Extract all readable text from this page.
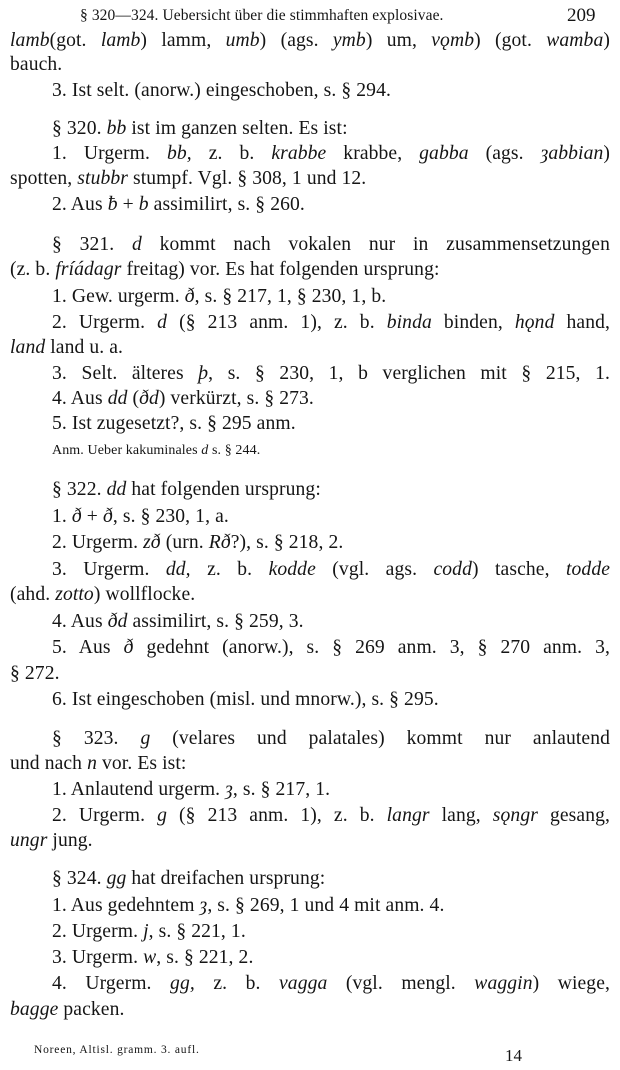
§ 320—324. Uebersicht über die stimmhaften explosivae.	209
lamb(got. lamb) lamm, umb) (ags. ymb) um, vǫmb) (got. wamba)
bauch.
3. Ist selt. (anorw.) eingeschoben, s. § 294.
§ 320. bb ist im ganzen selten. Es ist:
1. Urgerm. bb, z. b. krabbe krabbe, gabba (ags. ȝabbian)
spotten, stubbr stumpf. Vgl. § 308, 1 und 12.
2. Aus ƀ + b assimilirt, s. § 260.
§ 321. d kommt nach vokalen nur in zusammensetzungen
(z. b. fríádagr freitag) vor. Es hat folgenden ursprung:
1. Gew. urgerm. ð, s. § 217, 1, § 230, 1, b.
2. Urgerm. d (§ 213 anm. 1), z. b. binda binden, hǫnd hand,
land land u. a.
3. Selt. älteres þ, s. § 230, 1, b verglichen mit § 215, 1.
4. Aus dd (ðd) verkürzt, s. § 273.
5. Ist zugesetzt?, s. § 295 anm.
Anm. Ueber kakuminales d s. § 244.
§ 322. dd hat folgenden ursprung:
1. ð + ð, s. § 230, 1, a.
2. Urgerm. zð (urn. Rð?), s. § 218, 2.
3. Urgerm. dd, z. b. kodde (vgl. ags. codd) tasche, todde
(ahd. zotto) wollflocke.
4. Aus ðd assimilirt, s. § 259, 3.
5. Aus ð gedehnt (anorw.), s. § 269 anm. 3, § 270 anm. 3,
§ 272.
6. Ist eingeschoben (misl. und mnorw.), s. § 295.
§ 323. g (velares und palatales) kommt nur anlautend
und nach n vor. Es ist:
1. Anlautend urgerm. ȝ, s. § 217, 1.
2. Urgerm. g (§ 213 anm. 1), z. b. langr lang, sǫngr gesang,
ungr jung.
§ 324. gg hat dreifachen ursprung:
1. Aus gedehntem ȝ, s. § 269, 1 und 4 mit anm. 4.
2. Urgerm. j, s. § 221, 1.
3. Urgerm. w, s. § 221, 2.
4. Urgerm. gg, z. b. vagga (vgl. mengl. waggin) wiege,
bagge packen.
Noreen, Altisl. gramm. 3. aufl.	14
